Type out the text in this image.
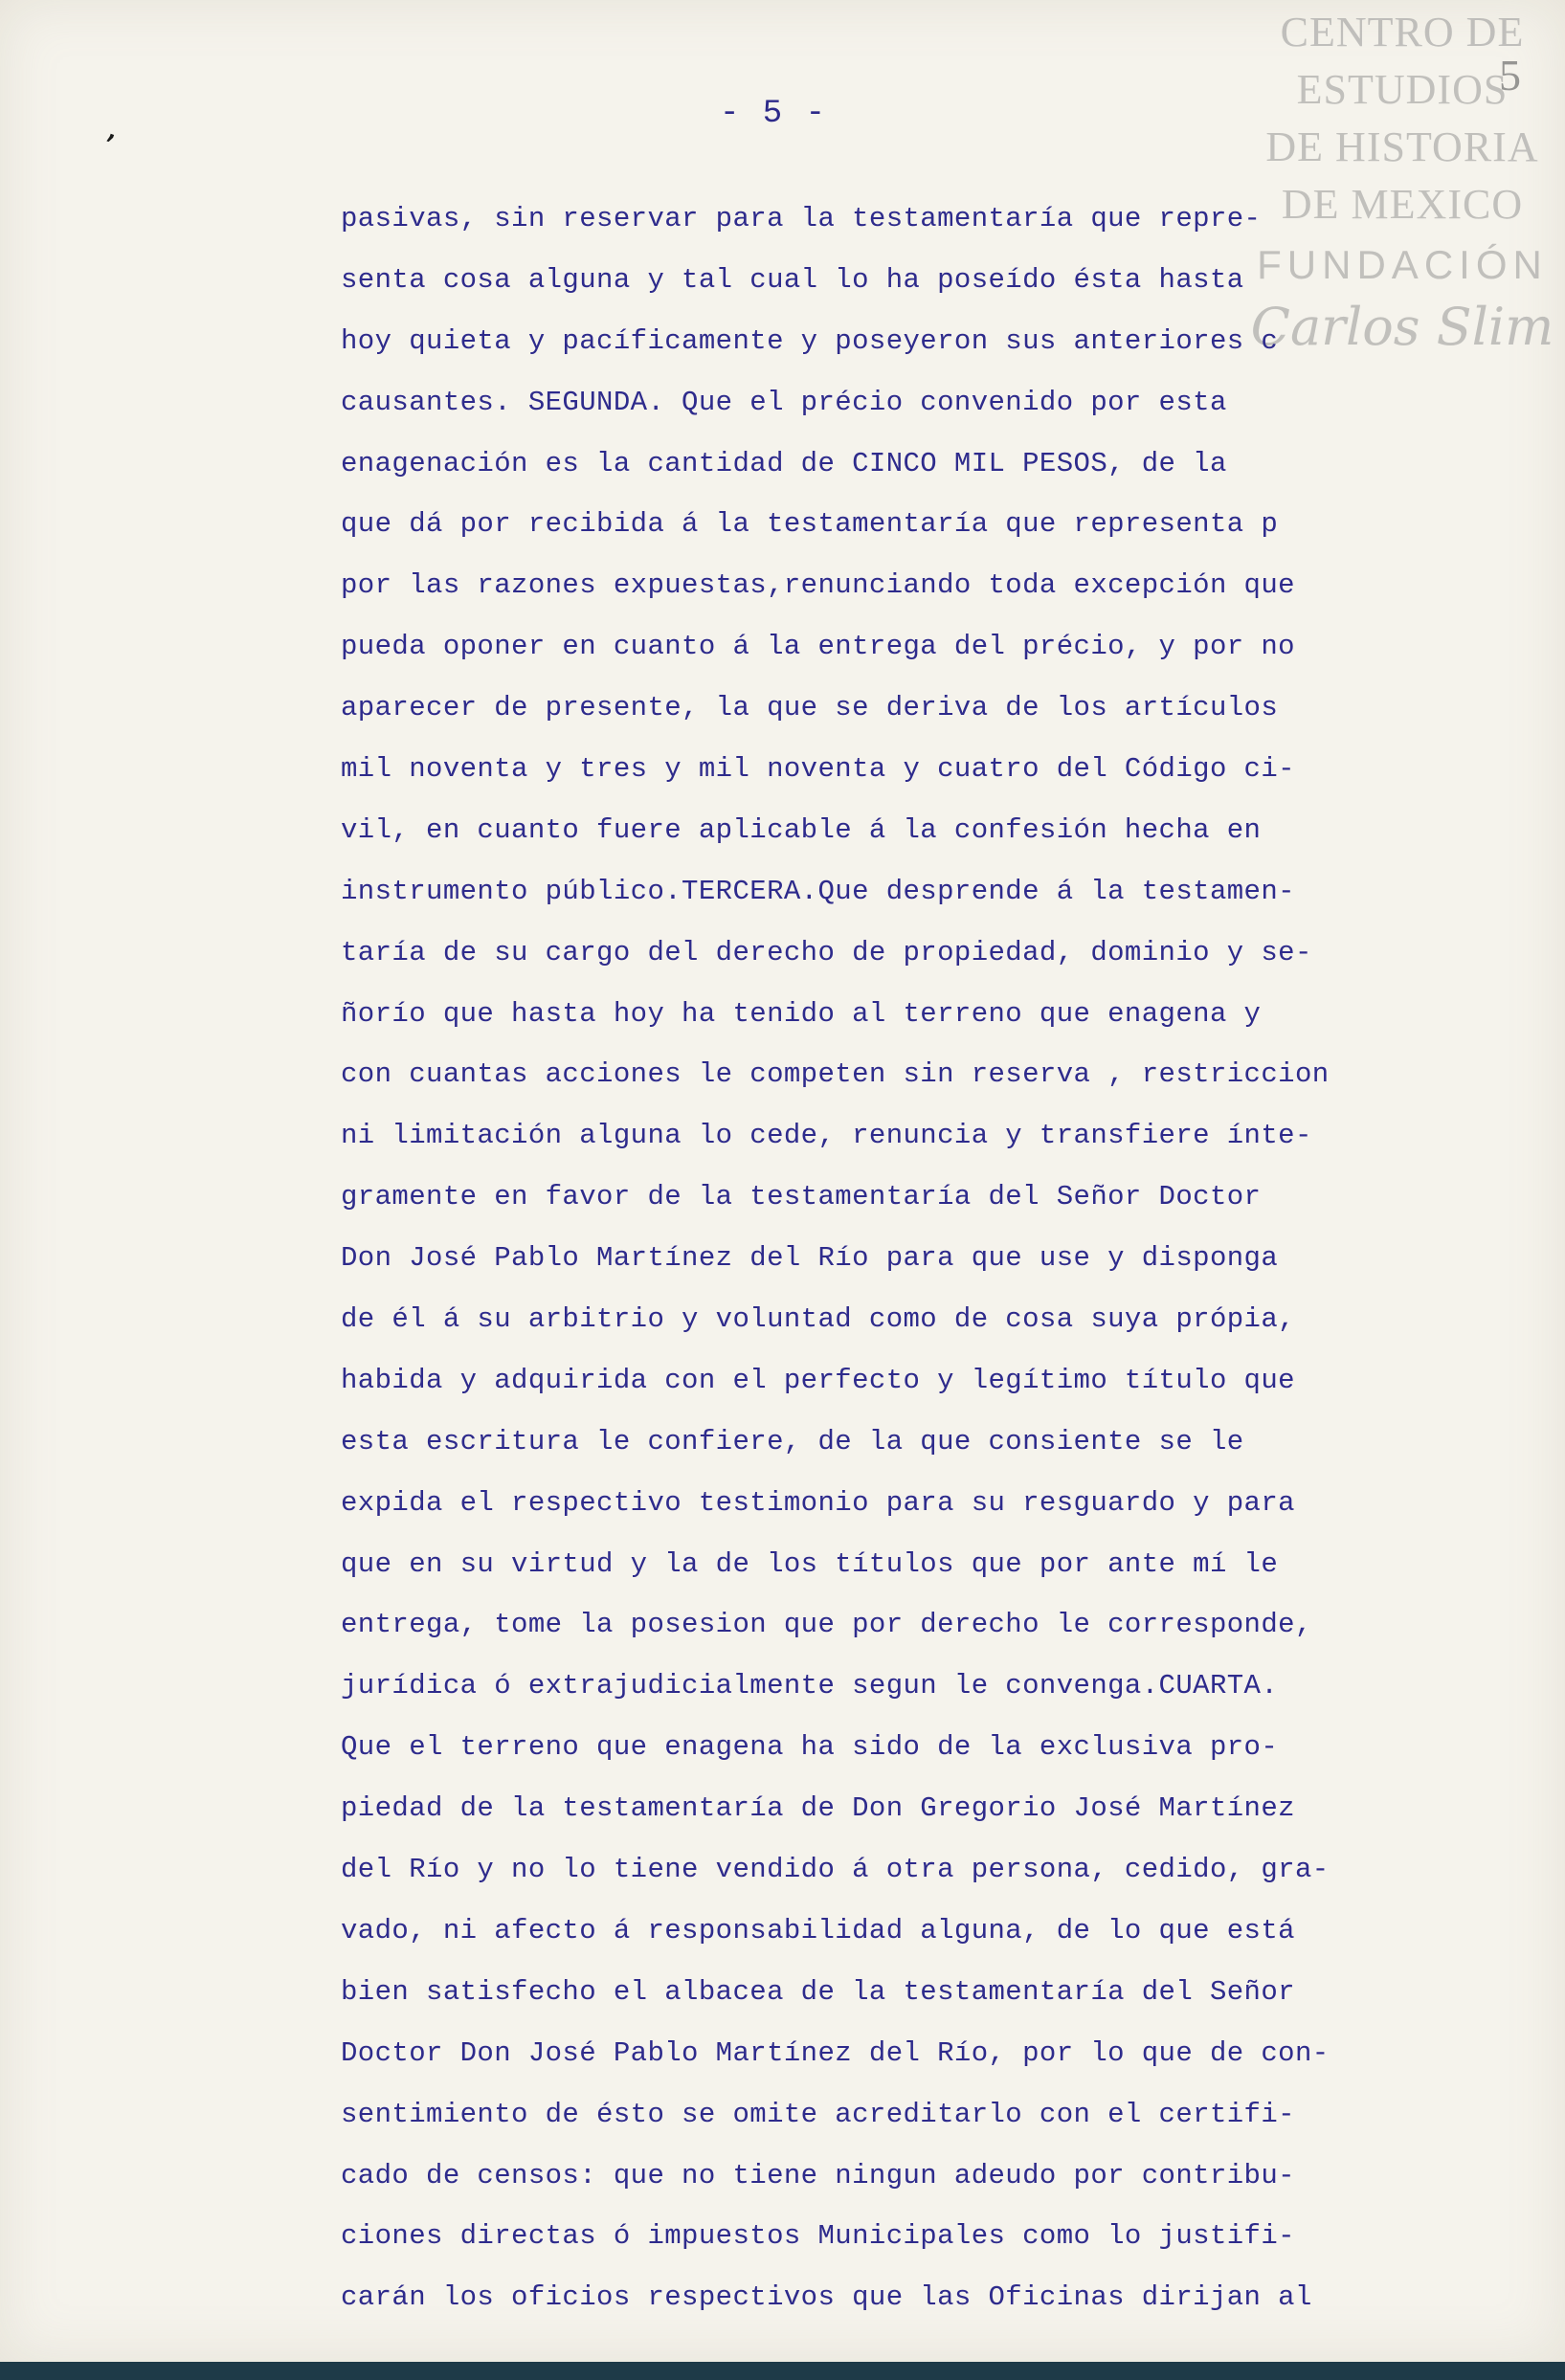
,	- 5 -
CENTRO DE
ESTUDIOS
DE HISTORIA
DE MEXICO
FUNDACIÓN
Carlos Slim
5
pasivas, sin reservar para la testamentaría que repre-
senta cosa alguna y tal cual lo ha poseído ésta hasta
hoy quieta y pacíficamente y poseyeron sus anteriores c
causantes. SEGUNDA. Que el précio convenido por esta
enagenación es la cantidad de CINCO MIL PESOS, de la
que dá por recibida á la testamentaría que representa p
por las razones expuestas,renunciando toda excepción que
pueda oponer en cuanto á la entrega del précio, y por no
aparecer de presente, la que se deriva de los artículos
mil noventa y tres y mil noventa y cuatro del Código ci-
vil, en cuanto fuere aplicable á la confesión hecha en
instrumento público.TERCERA.Que desprende á la testamen-
taría de su cargo del derecho de propiedad, dominio y se-
ñorío que hasta hoy ha tenido al terreno que enagena y
con cuantas acciones le competen sin reserva , restriccion
ni limitación alguna lo cede, renuncia y transfiere ínte-
gramente en favor de la testamentaría del Señor Doctor
Don José Pablo Martínez del Río para que use y disponga
de él á su arbitrio y voluntad como de cosa suya própia,
habida y adquirida con el perfecto y legítimo título que
esta escritura le confiere, de la que consiente se le
expida el respectivo testimonio para su resguardo y para
que en su virtud y la de los títulos que por ante mí le
entrega, tome la posesion que por derecho le corresponde,
jurídica ó extrajudicialmente segun le convenga.CUARTA.
Que el terreno que enagena ha sido de la exclusiva pro-
piedad de la testamentaría de Don Gregorio José Martínez
del Río y no lo tiene vendido á otra persona, cedido, gra-
vado, ni afecto á responsabilidad alguna, de lo que está
bien satisfecho el albacea de la testamentaría del Señor
Doctor Don José Pablo Martínez del Río, por lo que de con-
sentimiento de ésto se omite acreditarlo con el certifi-
cado de censos: que no tiene ningun adeudo por contribu-
ciones directas ó impuestos Municipales como lo justifi-
carán los oficios respectivos que las Oficinas dirijan al
